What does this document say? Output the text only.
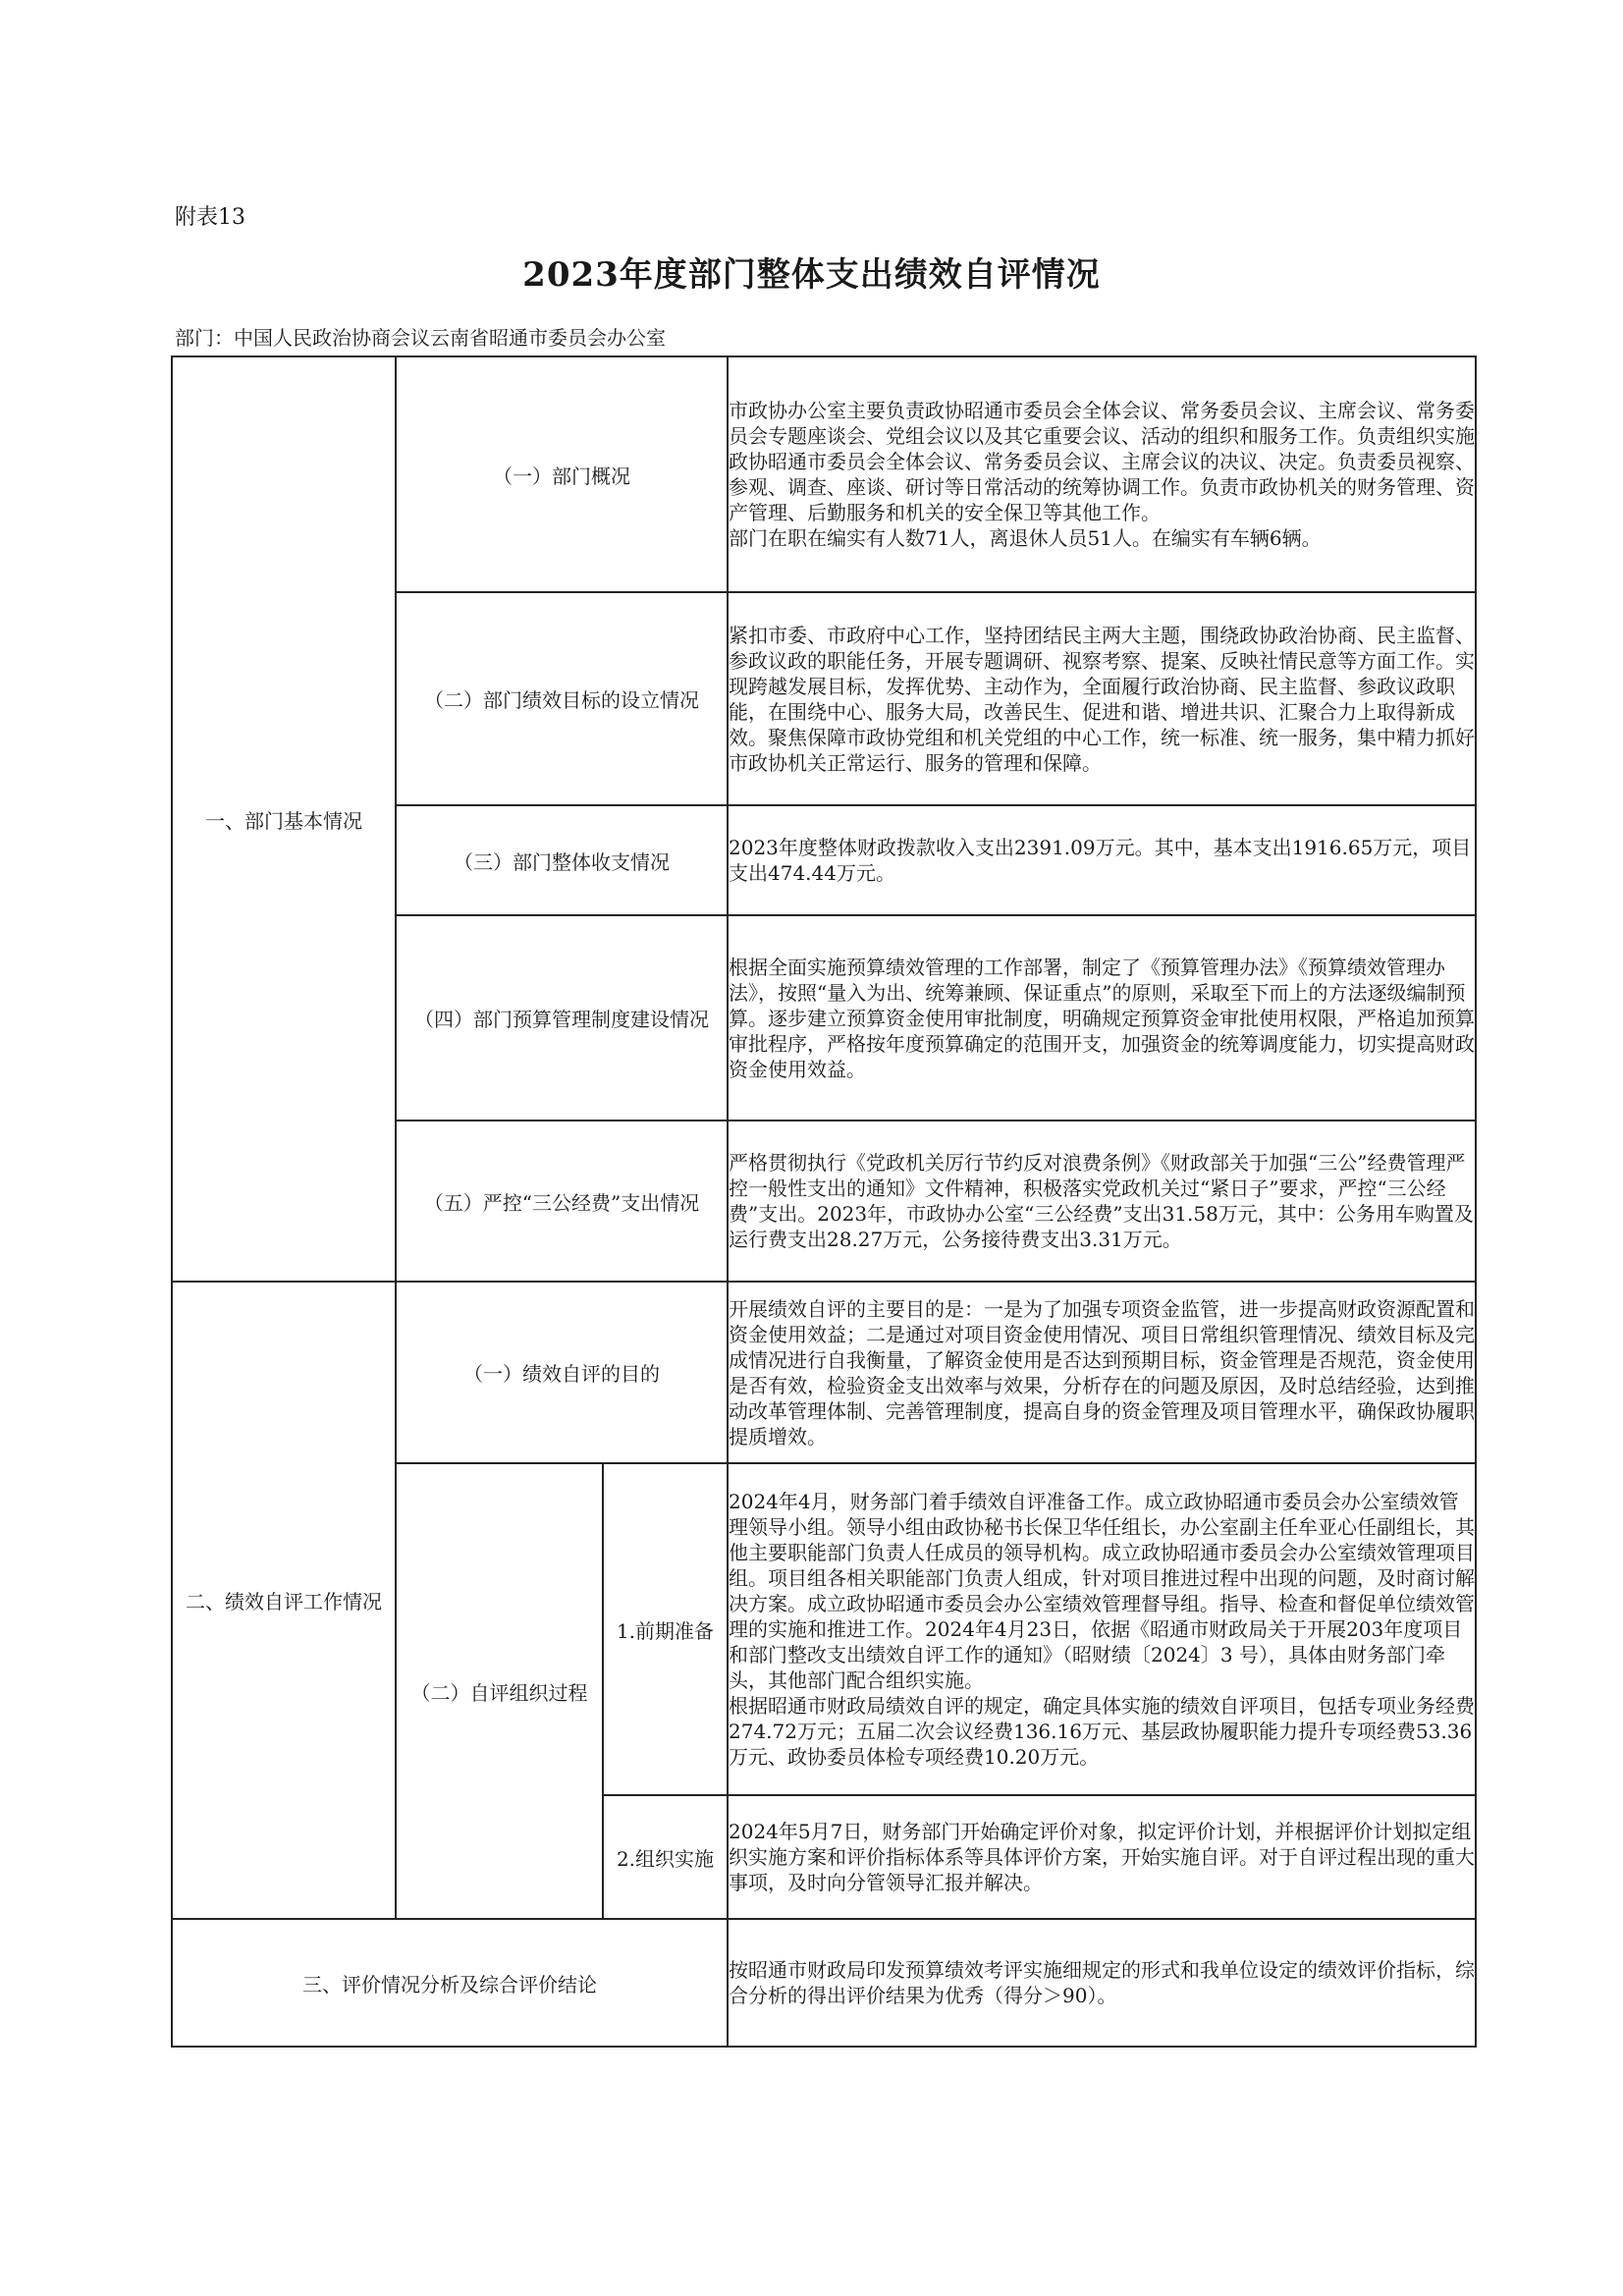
附表13
2023年度部门整体支出绩效自评情况
部门：中国人民政治协商会议云南省昭通市委员会办公室
一、部门基本情况	（一）部门概况		市政协办公室主要负责政协昭通市委员会全体会议、常务委员会议、主席会议、常务委员会专题座谈会、党组会议以及其它重要会议、活动的组织和服务工作。负责组织实施政协昭通市委员会全体会议、常务委员会议、主席会议的决议、决定。负责委员视察、参观、调查、座谈、研讨等日常活动的统筹协调工作。负责市政协机关的财务管理、资产管理、后勤服务和机关的安全保卫等其他工作。

部门在职在编实有人数71人，离退休人员51人。在编实有车辆6辆。

	（二）部门绩效目标的设立情况		紧扣市委、市政府中心工作，坚持团结民主两大主题，围绕政协政治协商、民主监督、参政议政的职能任务，开展专题调研、视察考察、提案、反映社情民意等方面工作。实现跨越发展目标，发挥优势、主动作为，全面履行政治协商、民主监督、参政议政职能，在围绕中心、服务大局，改善民生、促进和谐、增进共识、汇聚合力上取得新成效。聚焦保障市政协党组和机关党组的中心工作，统一标准、统一服务，集中精力抓好市政协机关正常运行、服务的管理和保障。

	（三）部门整体收支情况		2023年度整体财政拨款收入支出2391.09万元。其中，基本支出1916.65万元，项目支出474.44万元。

	（四）部门预算管理制度建设情况		根据全面实施预算绩效管理的工作部署，制定了《预算管理办法》《预算绩效管理办法》，按照“量入为出、统筹兼顾、保证重点”的原则，采取至下而上的方法逐级编制预算。逐步建立预算资金使用审批制度，明确规定预算资金审批使用权限，严格追加预算审批程序，严格按年度预算确定的范围开支，加强资金的统筹调度能力，切实提高财政资金使用效益。

	（五）严控“三公经费”支出情况		严格贯彻执行《党政机关厉行节约反对浪费条例》《财政部关于加强“三公”经费管理严控一般性支出的通知》文件精神，积极落实党政机关过“紧日子”要求，严控“三公经费”支出。2023年，市政协办公室“三公经费”支出31.58万元，其中：公务用车购置及运行费支出28.27万元，公务接待费支出3.31万元。

二、绩效自评工作情况	（一）绩效自评的目的		开展绩效自评的主要目的是：一是为了加强专项资金监管，进一步提高财政资源配置和资金使用效益；二是通过对项目资金使用情况、项目日常组织管理情况、绩效目标及完成情况进行自我衡量，了解资金使用是否达到预期目标，资金管理是否规范，资金使用是否有效，检验资金支出效率与效果，分析存在的问题及原因，及时总结经验，达到推动改革管理体制、完善管理制度，提高自身的资金管理及项目管理水平，确保政协履职提质增效。

	（二）自评组织过程	1.前期准备	2024年4月，财务部门着手绩效自评准备工作。成立政协昭通市委员会办公室绩效管理领导小组。领导小组由政协秘书长保卫华任组长，办公室副主任牟亚心任副组长，其他主要职能部门负责人任成员的领导机构。成立政协昭通市委员会办公室绩效管理项目组。项目组各相关职能部门负责人组成，针对项目推进过程中出现的问题，及时商讨解决方案。成立政协昭通市委员会办公室绩效管理督导组。指导、检查和督促单位绩效管理的实施和推进工作。2024年4月23日，依据《昭通市财政局关于开展203年度项目和部门整改支出绩效自评工作的通知》（昭财绩〔2024〕3 号），具体由财务部门牵头，其他部门配合组织实施。

根据昭通市财政局绩效自评的规定，确定具体实施的绩效自评项目，包括专项业务经费274.72万元；五届二次会议经费136.16万元、基层政协履职能力提升专项经费53.36万元、政协委员体检专项经费10.20万元。

		2.组织实施	2024年5月7日，财务部门开始确定评价对象，拟定评价计划，并根据评价计划拟定组织实施方案和评价指标体系等具体评价方案，开始实施自评。对于自评过程出现的重大事项，及时向分管领导汇报并解决。

三、评价情况分析及综合评价结论			按昭通市财政局印发预算绩效考评实施细规定的形式和我单位设定的绩效评价指标，综合分析的得出评价结果为优秀（得分＞90）。
